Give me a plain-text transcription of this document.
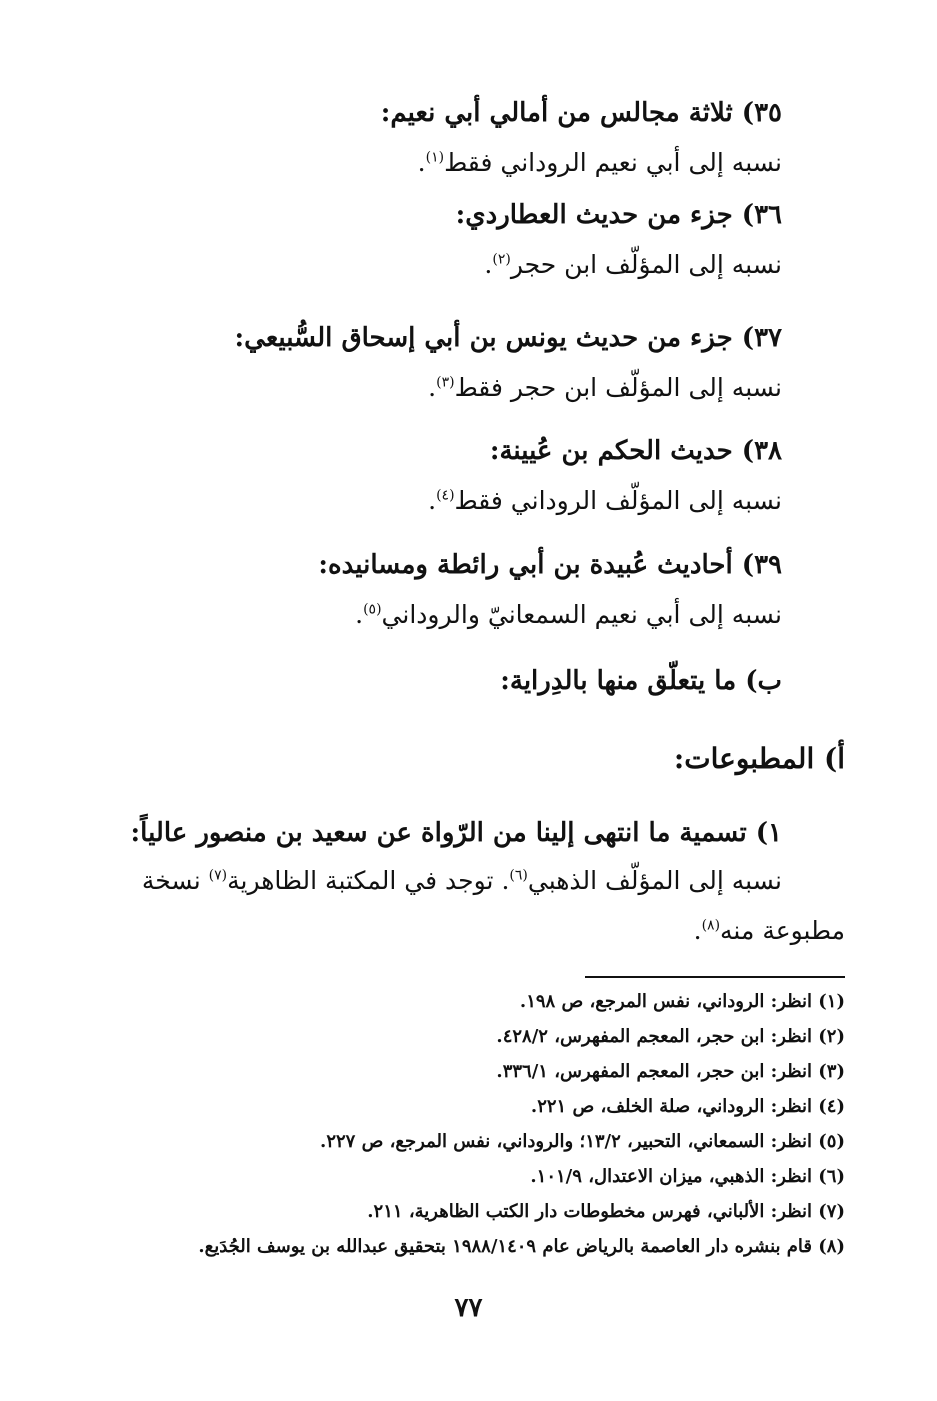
٣٥) ثلاثة مجالس من أمالي أبي نعيم:

نسبه إلى أبي نعيم الروداني فقط$^{(١)}$.

٣٦) جزء من حديث العطاردي:

نسبه إلى المؤلّف ابن حجر$^{(٢)}$.

٣٧) جزء من حديث يونس بن أبي إسحاق السُّبيعي:

نسبه إلى المؤلّف ابن حجر فقط$^{(٣)}$.

٣٨) حديث الحكم بن عُيينة:

نسبه إلى المؤلّف الروداني فقط$^{(٤)}$.

٣٩) أحاديث عُبيدة بن أبي رائطة ومسانيده:

نسبه إلى أبي نعيم السمعانيّ والروداني$^{(٥)}$.

ب) ما يتعلّق منها بالدِراية:

أ) المطبوعات:

١) تسمية ما انتهى إلينا من الرّواة عن سعيد بن منصور عالياً:

نسبه إلى المؤلّف الذهبي$^{(٦)}$. توجد في المكتبة الظاهرية$^{(٧)}$ نسخة

مطبوعة منه$^{(٨)}$.

(١) انظر: الروداني، نفس المرجع، ص ١٩٨.

(٢) انظر: ابن حجر، المعجم المفهرس، ٤٢٨/٢.

(٣) انظر: ابن حجر، المعجم المفهرس، ٣٣٦/١.

(٤) انظر: الروداني، صلة الخلف، ص ٢٢١.

(٥) انظر: السمعاني، التحبير، ١٣/٢؛ والروداني، نفس المرجع، ص ٢٢٧.

(٦) انظر: الذهبي، ميزان الاعتدال، ١٠١/٩.

(٧) انظر: الألباني، فهرس مخطوطات دار الكتب الظاهرية، ٢١١.

(٨) قام بنشره دار العاصمة بالرياض عام ١٩٨٨/١٤٠٩ بتحقيق عبدالله بن يوسف الجُدَيع.

٧٧
